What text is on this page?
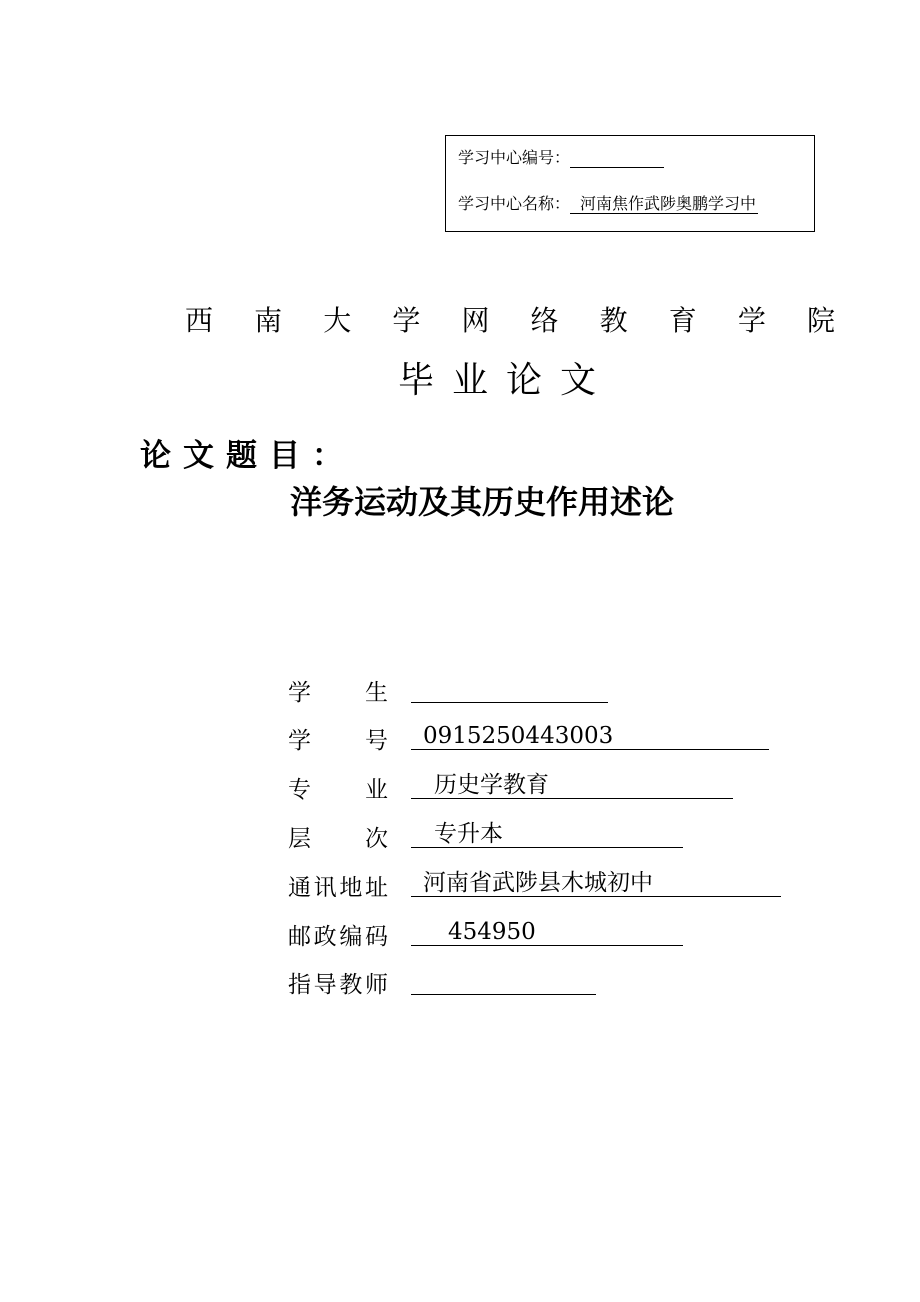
学习中心编号：
学习中心名称： 河南焦作武陟奥鹏学习中
西 南 大 学 网 络 教 育 学 院
毕业论文
论文题目：
洋务运动及其历史作用述论
学 生
学 号	0915250443003
专 业	历史学教育
层 次	专升本
通 讯 地 址	河南省武陟县木城初中
邮 政 编 码	454950
指 导 教 师
